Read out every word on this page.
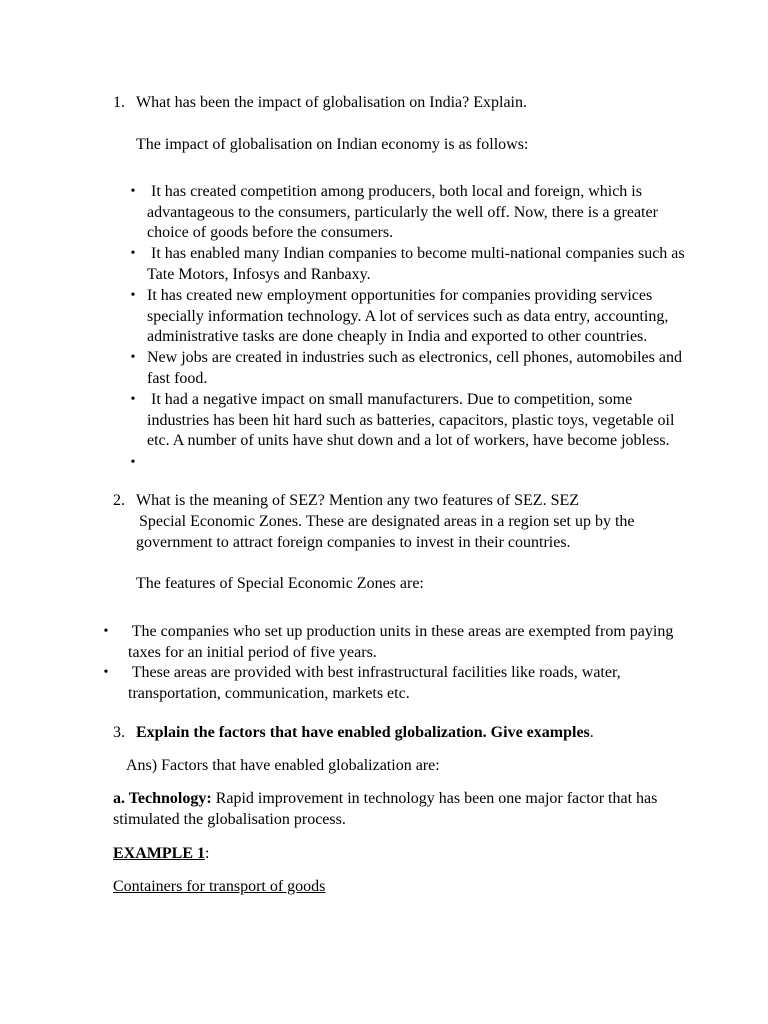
1. What has been the impact of globalisation on India? Explain.
The impact of globalisation on Indian economy is as follows:
• It has created competition among producers, both local and foreign, which is
advantageous to the consumers, particularly the well off. Now, there is a greater
choice of goods before the consumers.
• It has enabled many Indian companies to become multi-national companies such as
Tate Motors, Infosys and Ranbaxy.
• It has created new employment opportunities for companies providing services
specially information technology. A lot of services such as data entry, accounting,
administrative tasks are done cheaply in India and exported to other countries.
• New jobs are created in industries such as electronics, cell phones, automobiles and
fast food.
• It had a negative impact on small manufacturers. Due to competition, some
industries has been hit hard such as batteries, capacitors, plastic toys, vegetable oil
etc. A number of units have shut down and a lot of workers, have become jobless.
•
2. What is the meaning of SEZ? Mention any two features of SEZ. SEZ
Special Economic Zones. These are designated areas in a region set up by the
government to attract foreign companies to invest in their countries.
The features of Special Economic Zones are:
• The companies who set up production units in these areas are exempted from paying
taxes for an initial period of five years.
• These areas are provided with best infrastructural facilities like roads, water,
transportation, communication, markets etc.
3. Explain the factors that have enabled globalization. Give examples.
Ans) Factors that have enabled globalization are:
a. Technology: Rapid improvement in technology has been one major factor that has
stimulated the globalisation process.
EXAMPLE 1:
Containers for transport of goods
